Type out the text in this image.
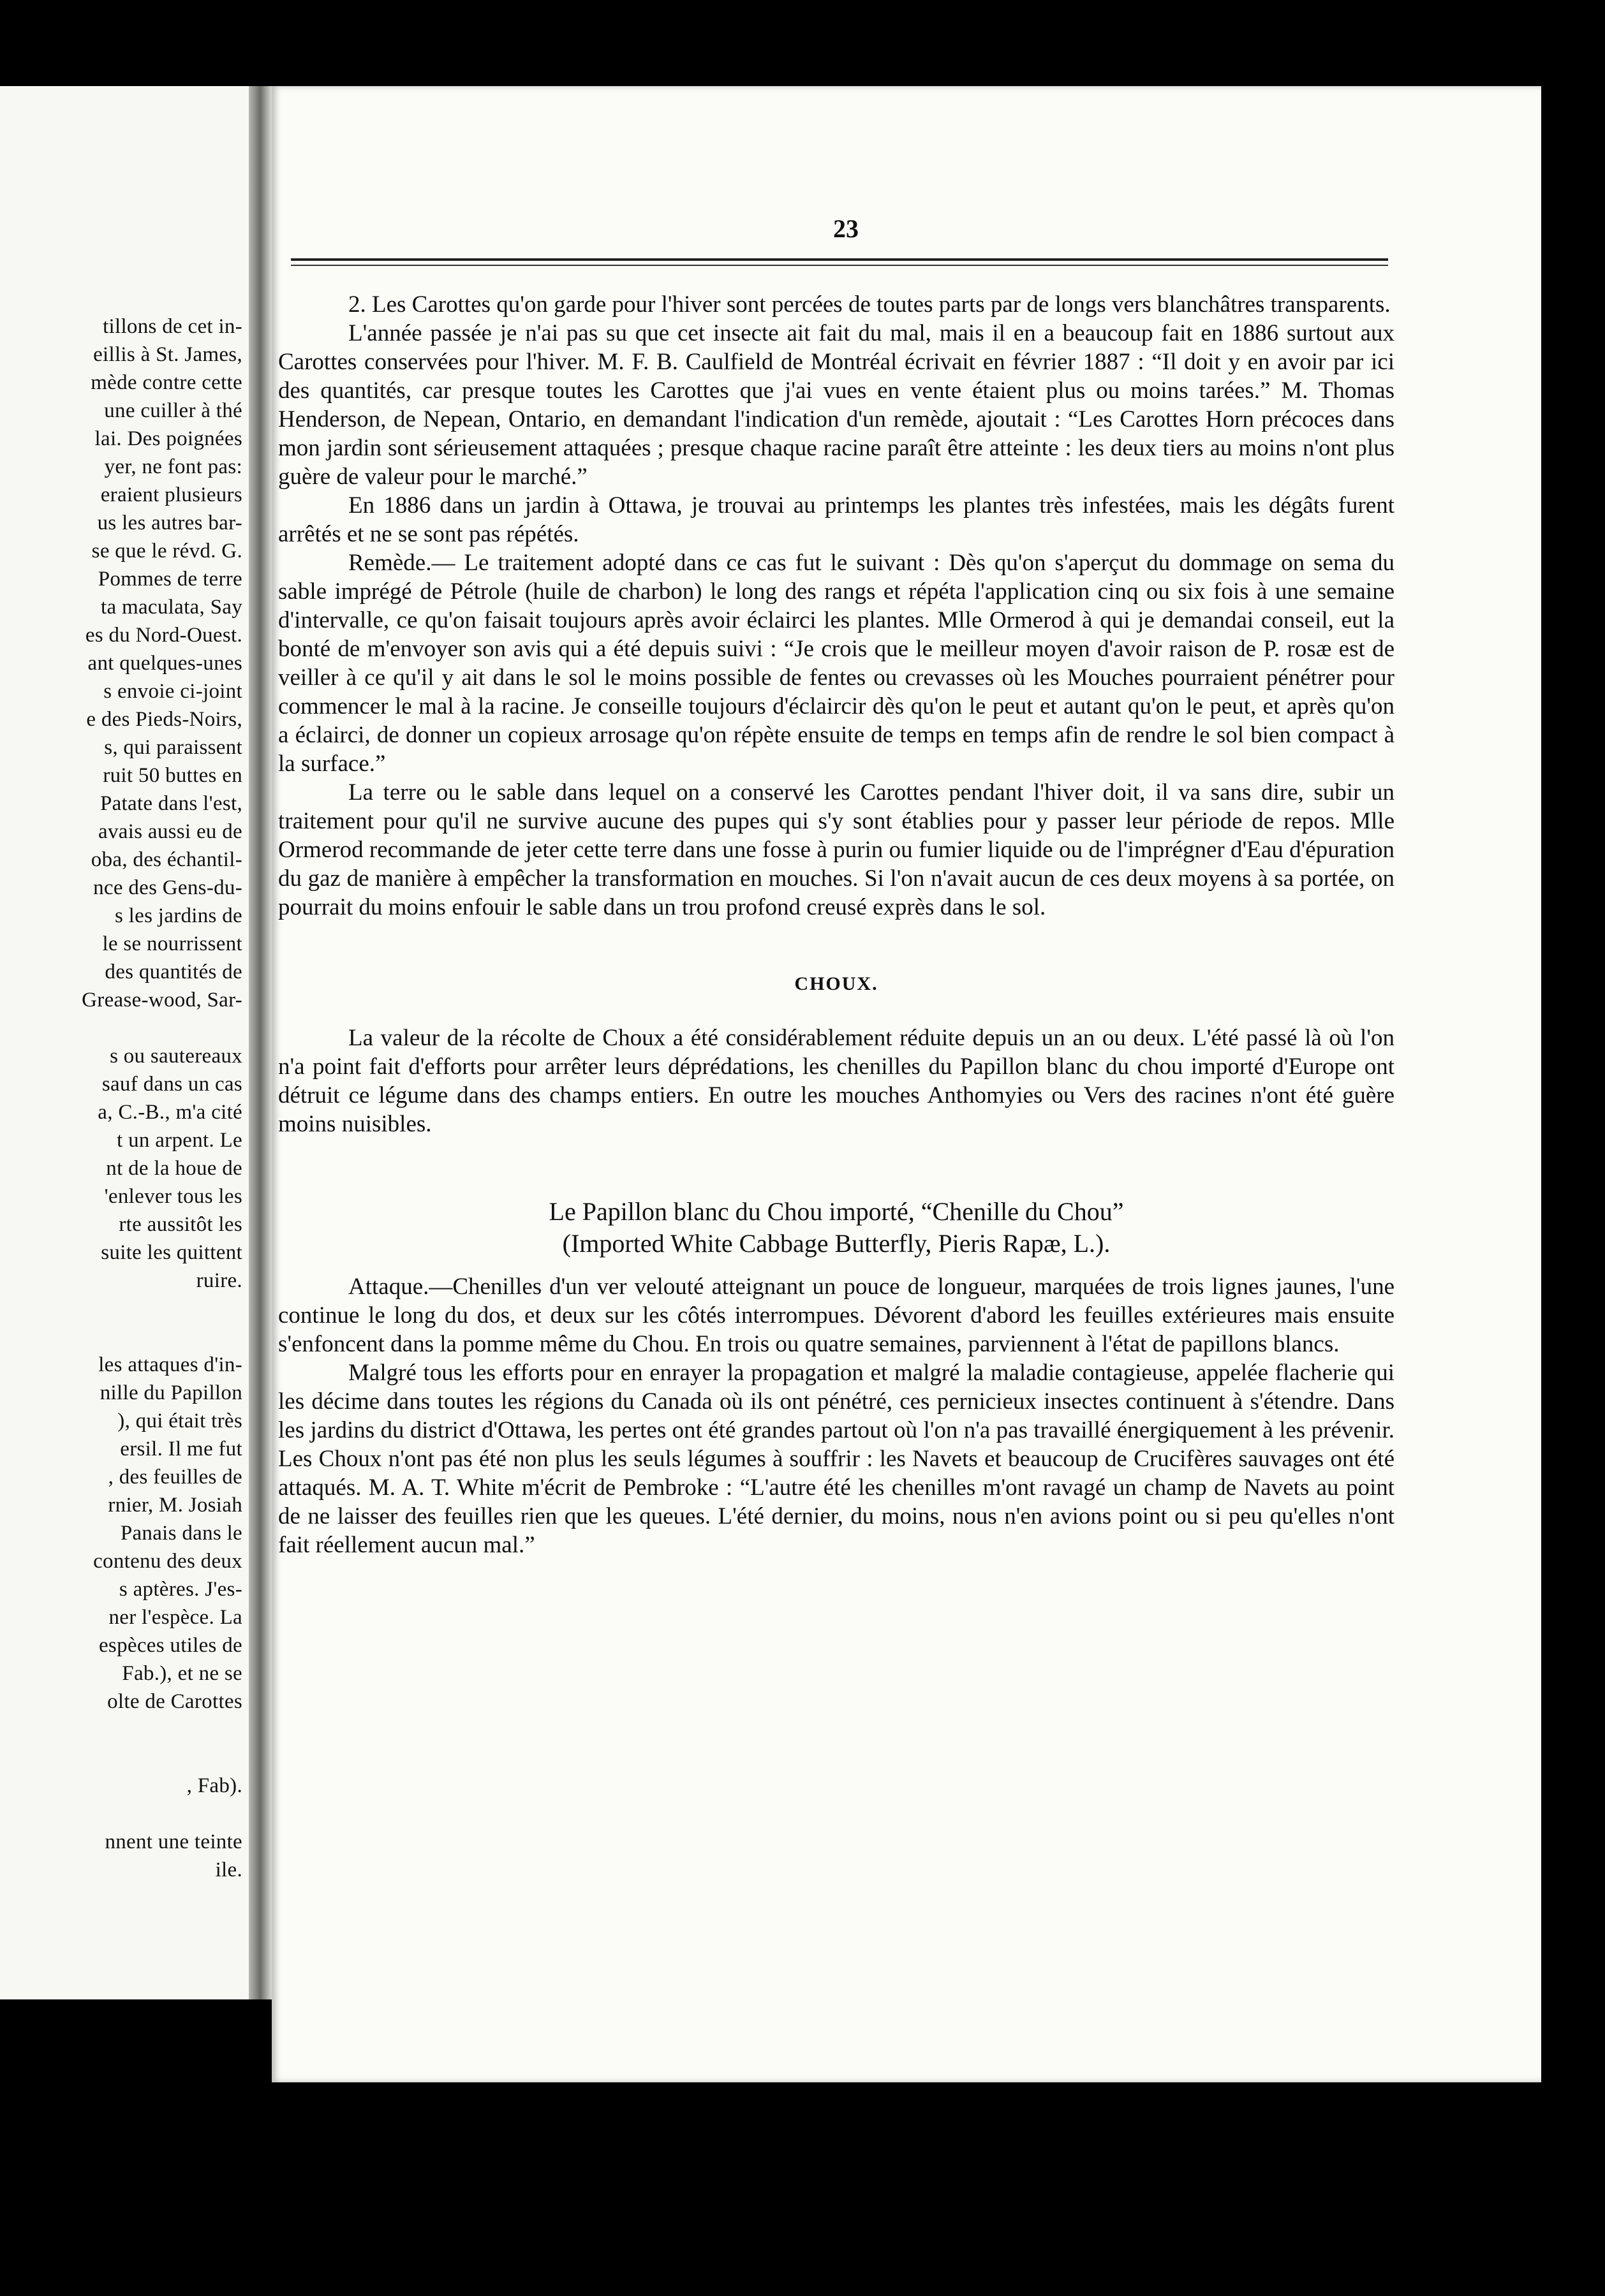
tillons de cet in-
eillis à St. James,
mède contre cette
une cuiller à thé
lai. Des poignées
yer, ne font pas:
eraient plusieurs
us les autres bar-
se que le révd. G.
Pommes de terre
ta maculata, Say
es du Nord-Ouest.
ant quelques-unes
s envoie ci-joint
e des Pieds-Noirs,
s, qui paraissent
ruit 50 buttes en
Patate dans l'est,
avais aussi eu de
oba, des échantil-
nce des Gens-du-
s les jardins de
le se nourrissent
des quantités de
Grease-wood, Sar-
s ou sautereaux
sauf dans un cas
a, C.-B., m'a cité
t un arpent. Le
nt de la houe de
'enlever tous les
rte aussitôt les
suite les quittent
ruire.
les attaques d'in-
nille du Papillon
), qui était très
ersil. Il me fut
, des feuilles de
rnier, M. Josiah
Panais dans le
contenu des deux
s aptères. J'es-
ner l'espèce. La
espèces utiles de
Fab.), et ne se
olte de Carottes
, Fab).
nnent une teinte
ile.
23

2. Les Carottes qu'on garde pour l'hiver sont percées de toutes parts par de longs vers blanchâtres transparents.

L'année passée je n'ai pas su que cet insecte ait fait du mal, mais il en a beaucoup fait en 1886 surtout aux Carottes conservées pour l'hiver. M. F. B. Caulfield de Montréal écrivait en février 1887 : “Il doit y en avoir par ici des quantités, car presque toutes les Carottes que j'ai vues en vente étaient plus ou moins tarées.” M. Thomas Henderson, de Nepean, Ontario, en demandant l'indication d'un remède, ajoutait : “Les Carottes Horn précoces dans mon jardin sont sérieusement attaquées ; presque chaque racine paraît être atteinte : les deux tiers au moins n'ont plus guère de valeur pour le marché.”

En 1886 dans un jardin à Ottawa, je trouvai au printemps les plantes très infestées, mais les dégâts furent arrêtés et ne se sont pas répétés.

Remède.— Le traitement adopté dans ce cas fut le suivant : Dès qu'on s'aperçut du dommage on sema du sable imprégé de Pétrole (huile de charbon) le long des rangs et répéta l'application cinq ou six fois à une semaine d'intervalle, ce qu'on faisait toujours après avoir éclairci les plantes. Mlle Ormerod à qui je demandai conseil, eut la bonté de m'envoyer son avis qui a été depuis suivi : “Je crois que le meilleur moyen d'avoir raison de P. rosæ est de veiller à ce qu'il y ait dans le sol le moins possible de fentes ou crevasses où les Mouches pourraient pénétrer pour commencer le mal à la racine. Je conseille toujours d'éclaircir dès qu'on le peut et autant qu'on le peut, et après qu'on a éclairci, de donner un copieux arrosage qu'on répète ensuite de temps en temps afin de rendre le sol bien compact à la surface.”

La terre ou le sable dans lequel on a conservé les Carottes pendant l'hiver doit, il va sans dire, subir un traitement pour qu'il ne survive aucune des pupes qui s'y sont établies pour y passer leur période de repos. Mlle Ormerod recommande de jeter cette terre dans une fosse à purin ou fumier liquide ou de l'imprégner d'Eau d'épuration du gaz de manière à empêcher la transformation en mouches. Si l'on n'avait aucun de ces deux moyens à sa portée, on pourrait du moins enfouir le sable dans un trou profond creusé exprès dans le sol.

CHOUX.

La valeur de la récolte de Choux a été considérablement réduite depuis un an ou deux. L'été passé là où l'on n'a point fait d'efforts pour arrêter leurs déprédations, les chenilles du Papillon blanc du chou importé d'Europe ont détruit ce légume dans des champs entiers. En outre les mouches Anthomyies ou Vers des racines n'ont été guère moins nuisibles.

Le Papillon blanc du Chou importé, “Chenille du Chou”
(Imported White Cabbage Butterfly, Pieris Rapæ, L.).

Attaque.—Chenilles d'un ver velouté atteignant un pouce de longueur, marquées de trois lignes jaunes, l'une continue le long du dos, et deux sur les côtés interrompues. Dévorent d'abord les feuilles extérieures mais ensuite s'enfoncent dans la pomme même du Chou. En trois ou quatre semaines, parviennent à l'état de papillons blancs.

Malgré tous les efforts pour en enrayer la propagation et malgré la maladie contagieuse, appelée flacherie qui les décime dans toutes les régions du Canada où ils ont pénétré, ces pernicieux insectes continuent à s'étendre. Dans les jardins du district d'Ottawa, les pertes ont été grandes partout où l'on n'a pas travaillé énergiquement à les prévenir. Les Choux n'ont pas été non plus les seuls légumes à souffrir : les Navets et beaucoup de Crucifères sauvages ont été attaqués. M. A. T. White m'écrit de Pembroke : “L'autre été les chenilles m'ont ravagé un champ de Navets au point de ne laisser des feuilles rien que les queues. L'été dernier, du moins, nous n'en avions point ou si peu qu'elles n'ont fait réellement aucun mal.”
